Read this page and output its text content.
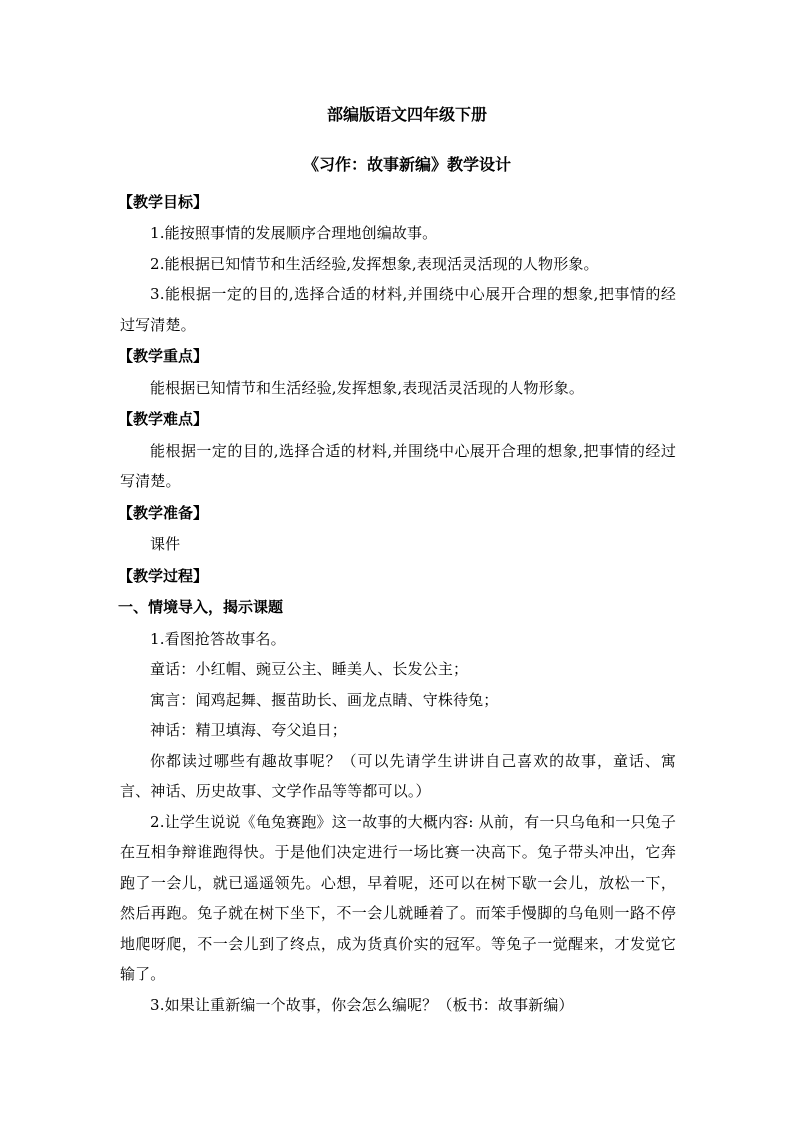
部编版语文四年级下册

《习作：故事新编》教学设计

【教学目标】

1.能按照事情的发展顺序合理地创编故事。

2.能根据已知情节和生活经验,发挥想象,表现活灵活现的人物形象。

3.能根据一定的目的,选择合适的材料,并围绕中心展开合理的想象,把事情的经过写清楚。

【教学重点】

能根据已知情节和生活经验,发挥想象,表现活灵活现的人物形象。

【教学难点】

能根据一定的目的,选择合适的材料,并围绕中心展开合理的想象,把事情的经过写清楚。

【教学准备】

课件

【教学过程】
一、情境导入，揭示课题

1.看图抢答故事名。

童话：小红帽、豌豆公主、睡美人、长发公主；

寓言：闻鸡起舞、揠苗助长、画龙点睛、守株待兔；

神话：精卫填海、夸父追日；

你都读过哪些有趣故事呢？（可以先请学生讲讲自己喜欢的故事，童话、寓言、神话、历史故事、文学作品等等都可以。）

2.让学生说说《龟兔赛跑》这一故事的大概内容: 从前，有一只乌龟和一只兔子在互相争辩谁跑得快。于是他们决定进行一场比赛一决高下。兔子带头冲出，它奔跑了一会儿，就已遥遥领先。心想，早着呢，还可以在树下歇一会儿，放松一下，然后再跑。兔子就在树下坐下，不一会儿就睡着了。而笨手慢脚的乌龟则一路不停地爬呀爬，不一会儿到了终点，成为货真价实的冠军。等兔子一觉醒来，才发觉它输了。

3.如果让重新编一个故事，你会怎么编呢？（板书：故事新编）
